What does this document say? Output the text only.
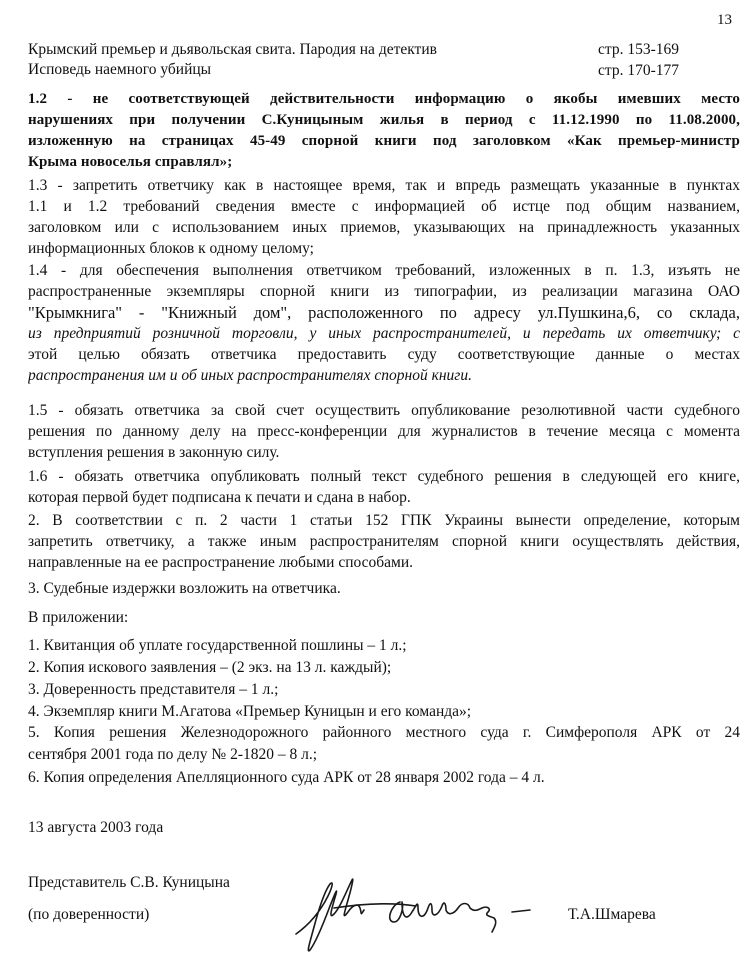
13
Крымский премьер и дьявольская свита. Пародия на детектив	стр. 153-169
Исповедь наемного убийцы	стр. 170-177
1.2 - не соответствующей действительности информацию о якобы имевших место
нарушениях при получении С.Куницыным жилья в период с 11.12.1990 по 11.08.2000,
изложенную на страницах 45-49 спорной книги под заголовком «Как премьер-министр
Крыма новоселья справлял»;
1.3 - запретить ответчику как в настоящее время, так и впредь размещать указанные в пунктах
1.1 и 1.2 требований сведения вместе с информацией об истце под общим названием,
заголовком или с использованием иных приемов, указывающих на принадлежность указанных
информационных блоков к одному целому;
1.4 - для обеспечения выполнения ответчиком требований, изложенных в п. 1.3, изъять не
распространенные экземпляры спорной книги из типографии, из реализации магазина ОАО
"Крымкнига" - "Книжный дом", расположенного по адресу ул.Пушкина,6, со склада,
из предприятий розничной торговли, у иных распространителей, и передать их ответчику; с
этой целью обязать ответчика предоставить суду соответствующие данные о местах
распространения им и об иных распространителях спорной книги.
1.5 - обязать ответчика за свой счет осуществить опубликование резолютивной части судебного
решения по данному делу на пресс-конференции для журналистов в течение месяца с момента
вступления решения в законную силу.
1.6 - обязать ответчика опубликовать полный текст судебного решения в следующей его книге,
которая первой будет подписана к печати и сдана в набор.
2. В соответствии с п. 2 части 1 статьи 152 ГПК Украины вынести определение, которым
запретить ответчику, а также иным распространителям спорной книги осуществлять действия,
направленные на ее распространение любыми способами.
3. Судебные издержки возложить на ответчика.
В приложении:
1. Квитанция об уплате государственной пошлины – 1 л.;
2. Копия искового заявления – (2 экз. на 13 л. каждый);
3. Доверенность представителя – 1 л.;
4. Экземпляр книги М.Агатова «Премьер Куницын и его команда»;
5. Копия решения Железнодорожного районного местного суда г. Симферополя АРК от 24
сентября 2001 года по делу № 2-1820 – 8 л.;
6. Копия определения Апелляционного суда АРК от 28 января 2002 года – 4 л.
13 августа 2003 года
Представитель С.В. Куницына
(по доверенности)	Т.А.Шмарева
